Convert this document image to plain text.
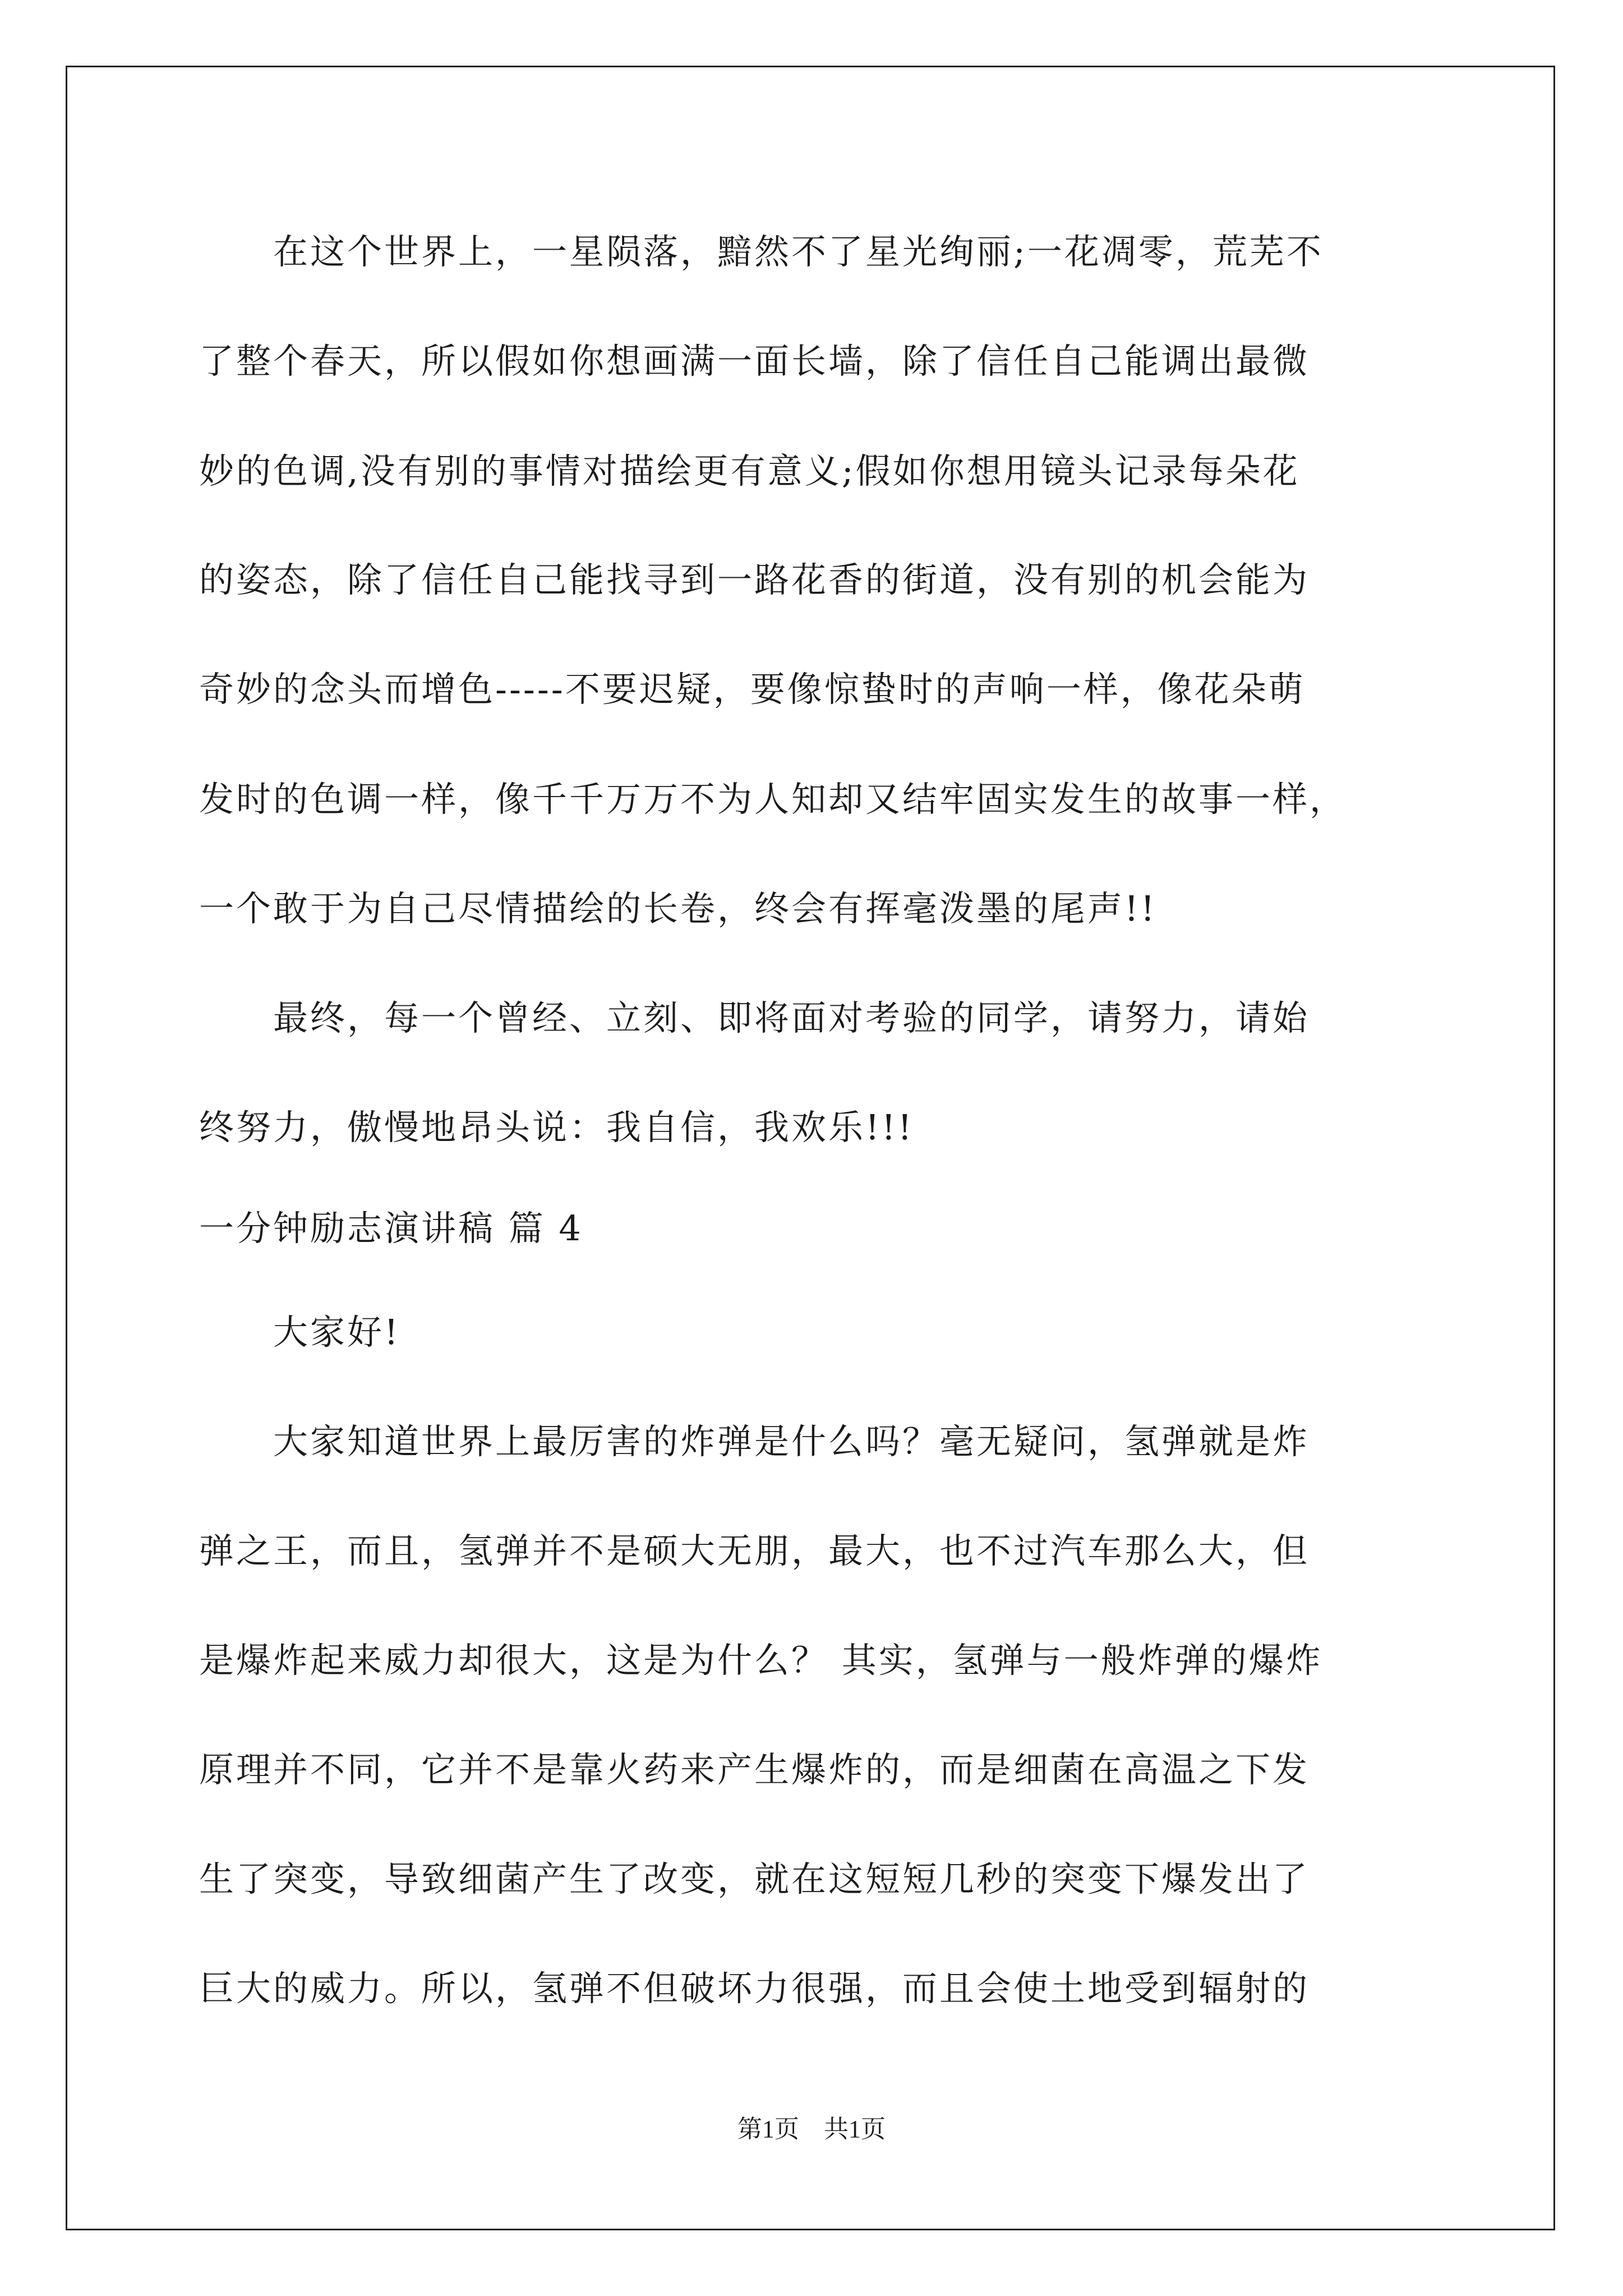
　　在这个世界上，一星陨落，黯然不了星光绚丽;一花凋零，荒芜不
了整个春天，所以假如你想画满一面长墙，除了信任自己能调出最微
妙的色调,没有别的事情对描绘更有意义;假如你想用镜头记录每朵花
的姿态，除了信任自己能找寻到一路花香的街道，没有别的机会能为
奇妙的念头而增色-----不要迟疑，要像惊蛰时的声响一样，像花朵萌
发时的色调一样，像千千万万不为人知却又结牢固实发生的故事一样，
一个敢于为自己尽情描绘的长卷，终会有挥毫泼墨的尾声!!
　　最终，每一个曾经、立刻、即将面对考验的同学，请努力，请始
终努力，傲慢地昂头说：我自信，我欢乐!!!
一分钟励志演讲稿 篇 4
　　大家好!
　　大家知道世界上最厉害的炸弹是什么吗？毫无疑问，氢弹就是炸
弹之王，而且，氢弹并不是硕大无朋，最大，也不过汽车那么大，但
是爆炸起来威力却很大，这是为什么？ 其实，氢弹与一般炸弹的爆炸
原理并不同，它并不是靠火药来产生爆炸的，而是细菌在高温之下发
生了突变，导致细菌产生了改变，就在这短短几秒的突变下爆发出了
巨大的威力。所以，氢弹不但破坏力很强，而且会使土地受到辐射的
第1页　共1页
